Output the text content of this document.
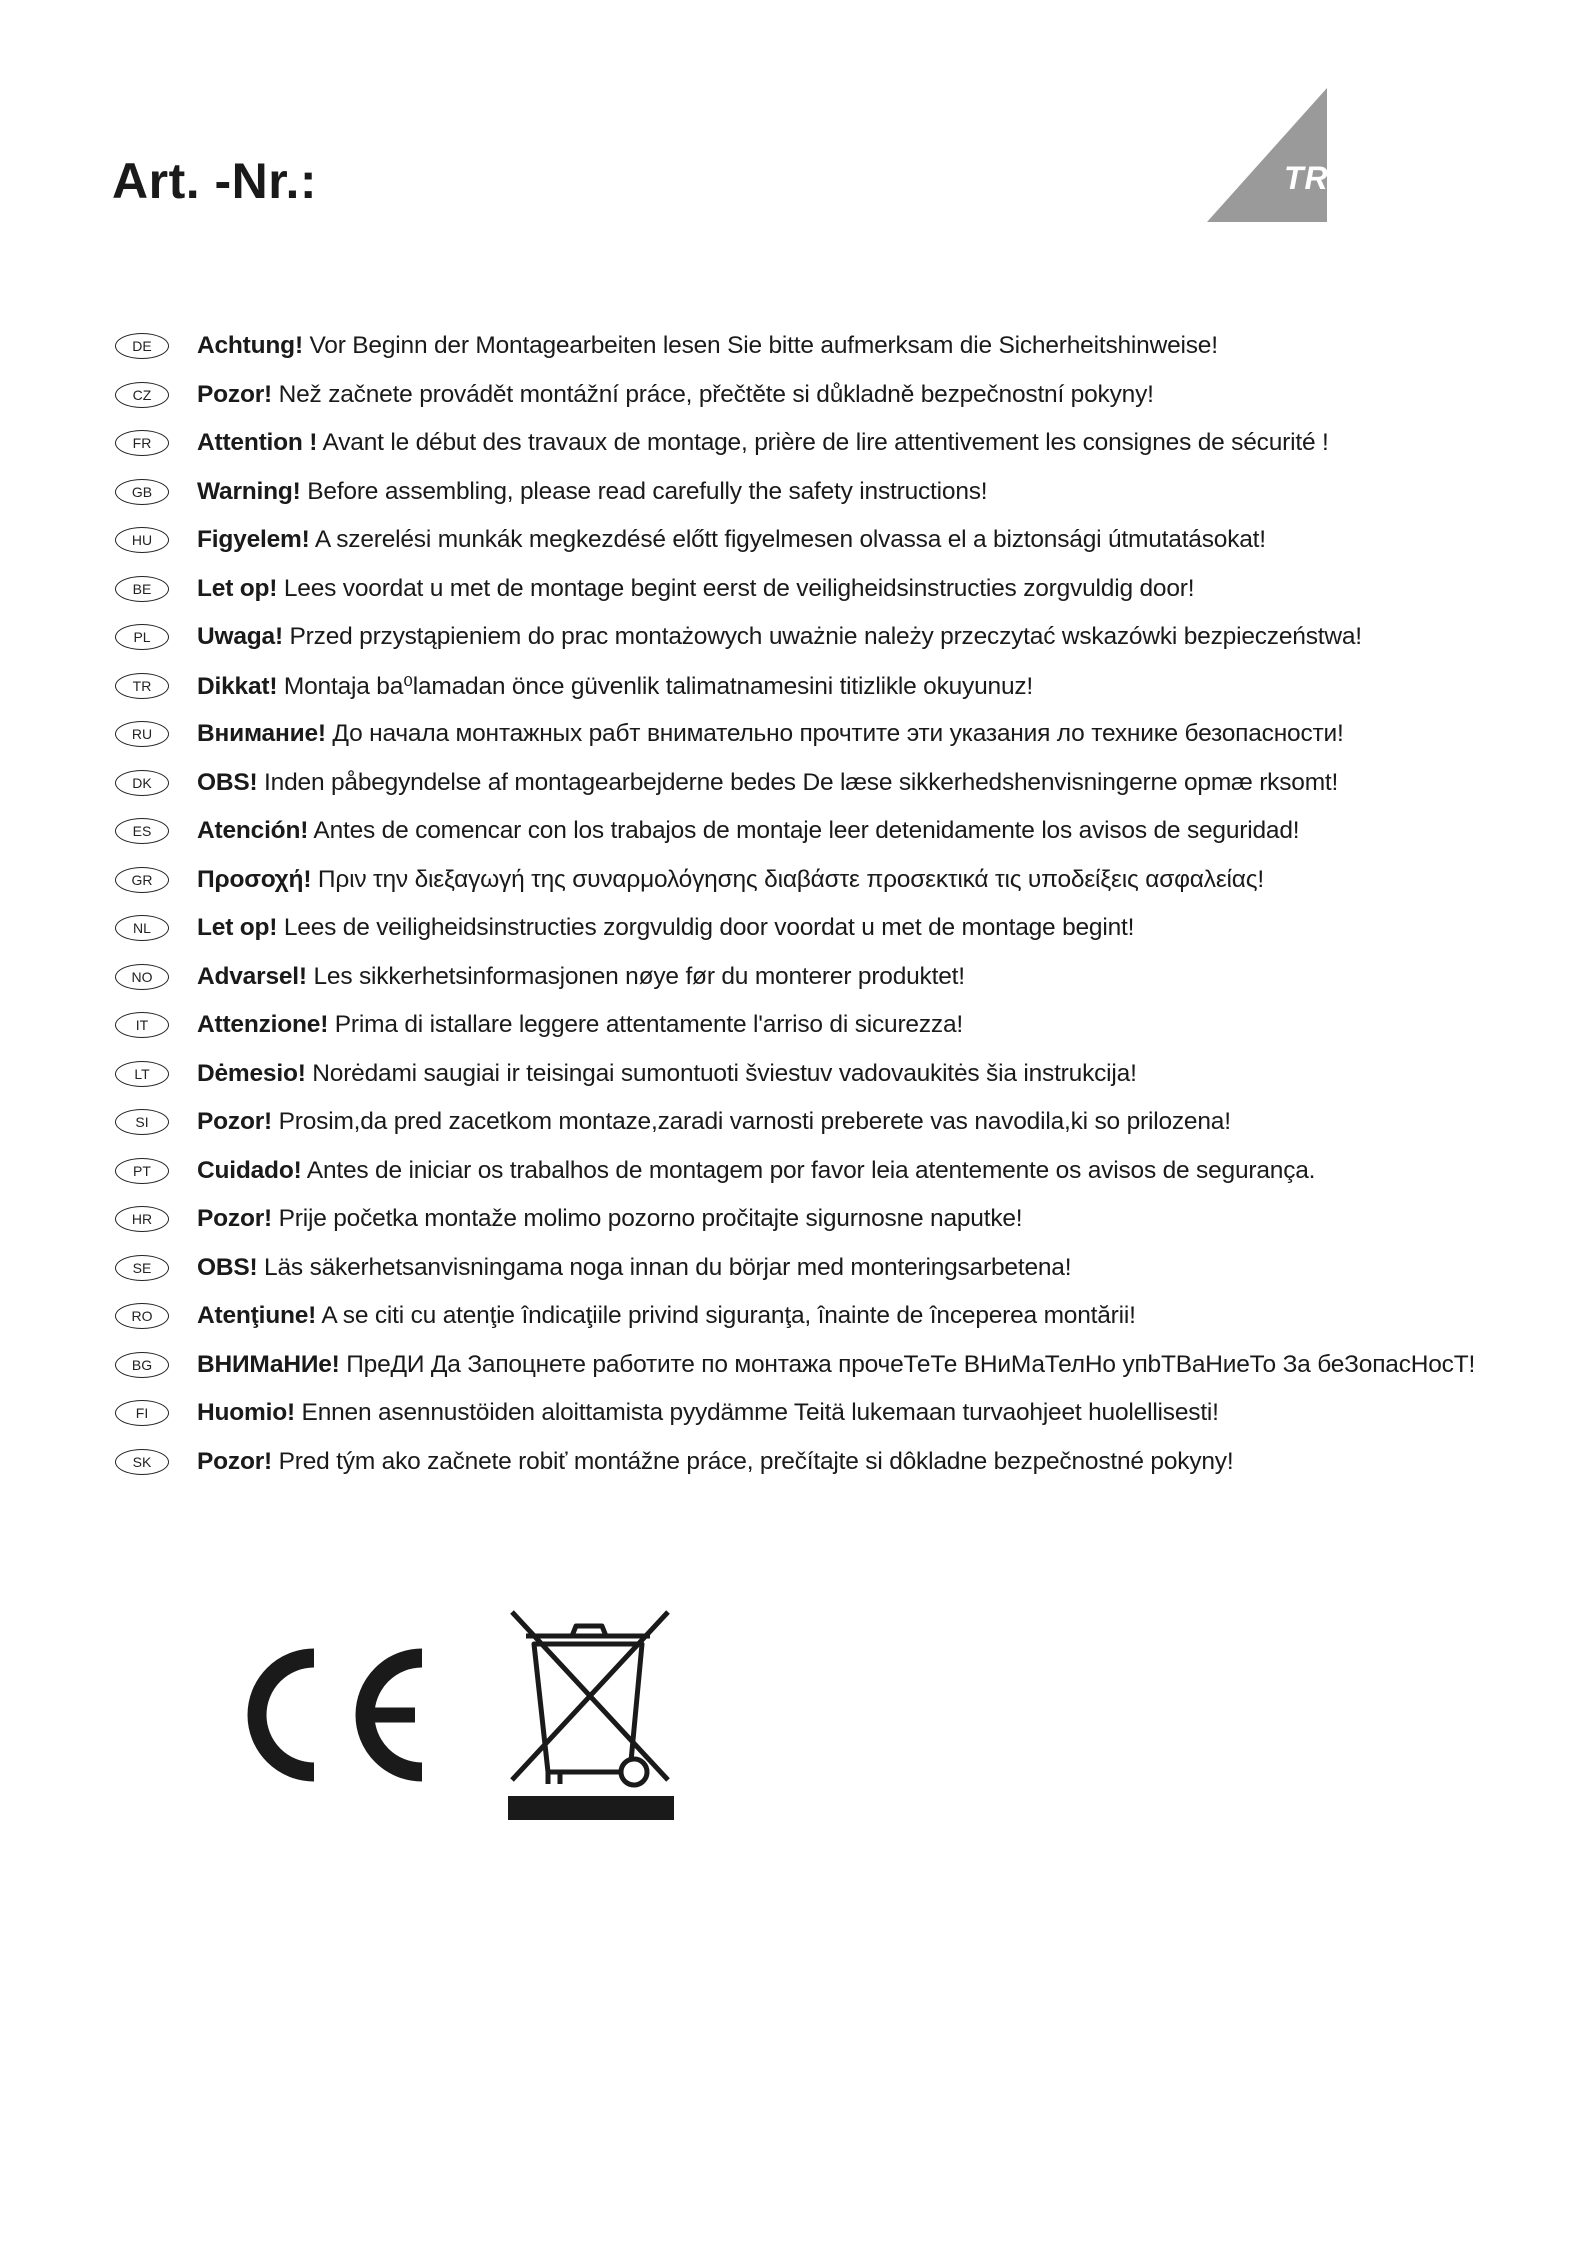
Art. -Nr.:	TRIO
DE	Achtung! Vor Beginn der Montagearbeiten lesen Sie bitte aufmerksam die Sicherheitshinweise!
CZ	Pozor! Než začnete provádět montážní práce, přečtěte si důkladně bezpečnostní pokyny!
FR	Attention ! Avant le début des travaux de montage, prière de lire attentivement les consignes de sécurité !
GB	Warning! Before assembling, please read carefully the safety instructions!
HU	Figyelem! A szerelési munkák megkezdésé előtt figyelmesen olvassa el a biztonsági útmutatásokat!
BE	Let op! Lees voordat u met de montage begint eerst de veiligheidsinstructies zorgvuldig door!
PL	Uwaga! Przed przystąpieniem do prac montażowych uważnie należy przeczytać wskazówki bezpieczeństwa!
TR	Dikkat! Montaja ba⁰lamadan önce güvenlik talimatnamesini titizlikle okuyunuz!
RU	Внимание! До начала монтажных рабт внимательно прочтите эти указания ло технике безопасности!
DK	OBS! Inden påbegyndelse af montagearbejderne bedes De læse sikkerhedshenvisningerne opmæ rksomt!
ES	Atención! Antes de comencar con los trabajos de montaje leer detenidamente los avisos de seguridad!
GR	Προσοχή! Πριν την διεξαγωγή της συναρμολόγησης διαβάστε προσεκτικά τις υποδείξεις ασφαλείας!
NL	Let op! Lees de veiligheidsinstructies zorgvuldig door voordat u met de montage begint!
NO	Advarsel! Les sikkerhetsinformasjonen nøye før du monterer produktet!
IT	Attenzione! Prima di istallare leggere attentamente l'arriso di sicurezza!
LT	Dėmesio! Norėdami saugiai ir teisingai sumontuoti šviestuv vadovaukitės šia instrukcija!
SI	Pozor! Prosim,da pred zacetkom montaze,zaradi varnosti preberete vas navodila,ki so prilozena!
PT	Cuidado! Antes de iniciar os trabalhos de montagem por favor leia atentemente os avisos de segurança.
HR	Pozor! Prije početka montaže molimo pozorno pročitajte sigurnosne naputke!
SE	OBS! Läs säkerhetsanvisningama noga innan du börjar med monteringsarbetena!
RO	Atenţiune! A se citi cu atenţie îndicaţiile privind siguranţa, înainte de începerea montării!
BG	ВНИМаНИе! ПреДИ Да Запоцнете работите по монтажа прочеТеТе ВНиМаТелНо упbТВаНиеТо За беЗопасНосТ!
FI	Huomio! Ennen asennustöiden aloittamista pyydämme Teitä lukemaan turvaohjeet huolellisesti!
SK	Pozor! Pred tým ako začnete robiť montážne práce, prečítajte si dôkladne bezpečnostné pokyny!
